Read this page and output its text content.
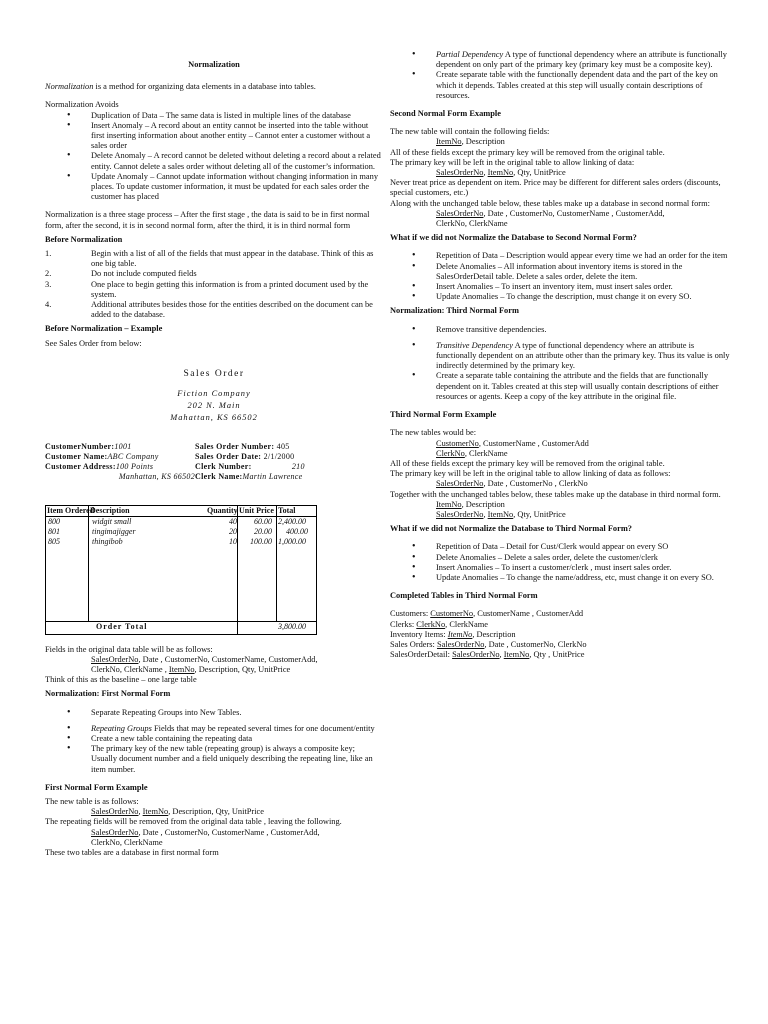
Normalization

Normalization is a method for organizing data elements in a database into tables.

Normalization Avoids

• Duplication of Data – The same data is listed in multiple lines of the database
• Insert Anomaly – A record about an entity cannot be inserted into the table without first inserting information about another entity – Cannot enter a customer without a sales order
• Delete Anomaly – A record cannot be deleted without deleting a record about a related entity. Cannot delete a sales order without deleting all of the customer’s information.
• Update Anomaly – Cannot update information without changing information in many places. To update customer information, it must be updated for each sales order the customer has placed

Normalization is a three stage process – After the first stage , the data is said to be in first normal form, after the second, it is in second normal form, after the third, it is in third normal form

Before Normalization
1.	Begin with a list of all of the fields that must appear in the database. Think of this as one big table.
2.	Do not include computed fields
3.	One place to begin getting this information is from a printed document used by the system.
4.	Additional attributes besides those for the entities described on the document can be added to the database.
Before Normalization – Example

See Sales Order from below:

Sales Order

Fiction Company

202 N. Main

Mahattan, KS 66502

CustomerNumber:1001	Sales Order Number: 405
Customer Name:ABC Company	Sales Order Date: 2/1/2000
Customer Address:100 Points	Clerk Number:	210
Manhattan, KS 66502 Clerk Name:Martin Lawrence
Item Ordered
Description	Quantity Unit Price Total
800	widgit small	40 60.00 2,400.00
801	tingimajigger	20 20.00 400.00
805	thingibob	10 100.00 1,000.00
Order Total	3,800.00

Fields in the original data table will be as follows:

SalesOrderNo, Date , CustomerNo, CustomerName, CustomerAdd,

ClerkNo, ClerkName , ItemNo, Description, Qty, UnitPrice

Think of this as the baseline – one large table

Normalization: First Normal Form
• Separate Repeating Groups into New Tables.
• Repeating Groups Fields that may be repeated several times for one document/entity
• Create a new table containing the repeating data
• The primary key of the new table (repeating group) is always a composite key; Usually document number and a field uniquely describing the repeating line, like an item number.
First Normal Form Example

The new table is as follows:

SalesOrderNo, ItemNo, Description, Qty, UnitPrice

The repeating fields will be removed from the original data table , leaving the following.

SalesOrderNo, Date , CustomerNo, CustomerName , CustomerAdd,

ClerkNo, ClerkName

These two tables are a database in first normal form

• Partial Dependency A type of functional dependency where an attribute is functionally dependent on only part of the primary key (primary key must be a composite key).
• Create separate table with the functionally dependent data and the part of the key on which it depends. Tables created at this step will usually contain descriptions of resources.
Second Normal Form Example

The new table will contain the following fields:

ItemNo, Description

All of these fields except the primary key will be removed from the original table.

The primary key will be left in the original table to allow linking of data:

SalesOrderNo, ItemNo, Qty, UnitPrice

Never treat price as dependent on item. Price may be different for different sales orders (discounts, special customers, etc.)

Along with the unchanged table below, these tables make up a database in second normal form:

SalesOrderNo, Date , CustomerNo, CustomerName , CustomerAdd,

ClerkNo, ClerkName

What if we did not Normalize the Database to Second Normal Form?
• Repetition of Data – Description would appear every time we had an order for the item
• Delete Anomalies – All information about inventory items is stored in the SalesOrderDetail table. Delete a sales order, delete the item.
• Insert Anomalies – To insert an inventory item, must insert sales order.
• Update Anomalies – To change the description, must change it on every SO.
Normalization: Third Normal Form
• Remove transitive dependencies.
• Transitive Dependency A type of functional dependency where an attribute is functionally dependent on an attribute other than the primary key. Thus its value is only indirectly determined by the primary key.
• Create a separate table containing the attribute and the fields that are functionally dependent on it. Tables created at this step will usually contain descriptions of either resources or agents. Keep a copy of the key attribute in the original file.
Third Normal Form Example

The new tables would be:

CustomerNo, CustomerName , CustomerAdd

ClerkNo, ClerkName

All of these fields except the primary key will be removed from the original table.

The primary key will be left in the original table to allow linking of data as follows:

SalesOrderNo, Date , CustomerNo , ClerkNo

Together with the unchanged tables below, these tables make up the database in third normal form.

ItemNo, Description

SalesOrderNo, ItemNo, Qty, UnitPrice

What if we did not Normalize the Database to Third Normal Form?
• Repetition of Data – Detail for Cust/Clerk would appear on every SO
• Delete Anomalies – Delete a sales order, delete the customer/clerk
• Insert Anomalies – To insert a customer/clerk , must insert sales order.
• Update Anomalies – To change the name/address, etc, must change it on every SO.
Completed Tables in Third Normal Form

Customers: CustomerNo, CustomerName , CustomerAdd

Clerks: ClerkNo, ClerkName

Inventory Items: ItemNo, Description

Sales Orders: SalesOrderNo, Date , CustomerNo, ClerkNo

SalesOrderDetail: SalesOrderNo, ItemNo, Qty , UnitPrice
